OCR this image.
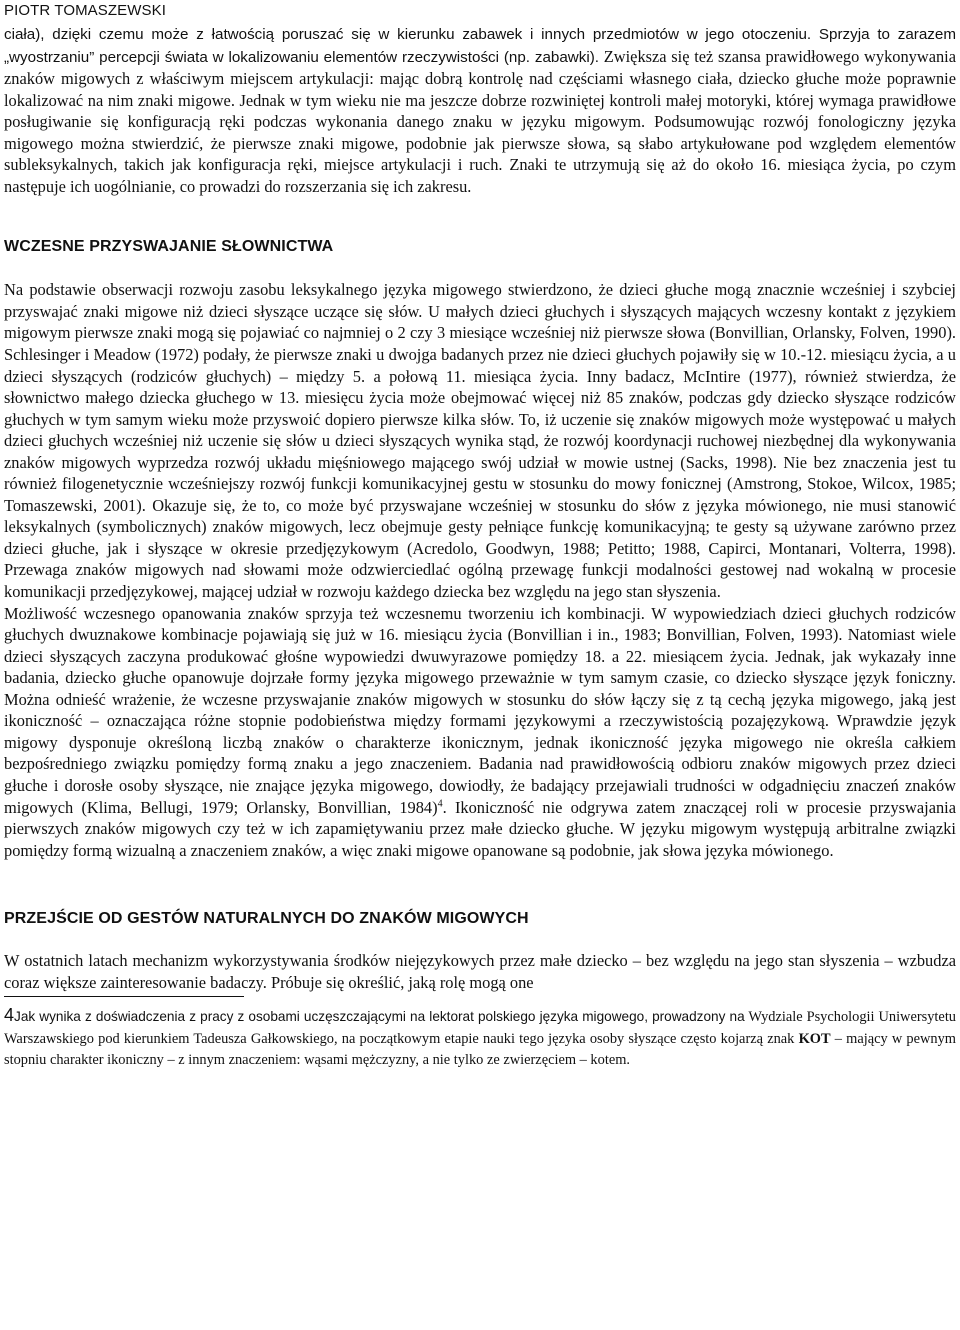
PIOTR TOMASZEWSKI

ciała), dzięki czemu może z łatwością poruszać się w kierunku zabawek i innych przedmiotów w jego otoczeniu. Sprzyja to zarazem „wyostrzaniu” percepcji świata w lokalizowaniu elementów rzeczywistości (np. zabawki). Zwiększa się też szansa prawidłowego wykonywania znaków migowych z właściwym miejscem artykulacji: mając dobrą kontrolę nad częściami własnego ciała, dziecko głuche może poprawnie lokalizować na nim znaki migowe. Jednak w tym wieku nie ma jeszcze dobrze rozwiniętej kontroli małej motoryki, której wymaga prawidłowe posługiwanie się konfiguracją ręki podczas wykonania danego znaku w języku migowym. Podsumowując rozwój fonologiczny języka migowego można stwierdzić, że pierwsze znaki migowe, podobnie jak pierwsze słowa, są słabo artykułowane pod względem elementów subleksykalnych, takich jak konfiguracja ręki, miejsce artykulacji i ruch. Znaki te utrzymują się aż do około 16. miesiąca życia, po czym następuje ich uogólnianie, co prowadzi do rozszerzania się ich zakresu.

WCZESNE PRZYSWAJANIE SŁOWNICTWA

Na podstawie obserwacji rozwoju zasobu leksykalnego języka migowego stwierdzono, że dzieci głuche mogą znacznie wcześniej i szybciej przyswajać znaki migowe niż dzieci słyszące uczące się słów. U małych dzieci głuchych i słyszących mających wczesny kontakt z językiem migowym pierwsze znaki mogą się pojawiać co najmniej o 2 czy 3 miesiące wcześniej niż pierwsze słowa (Bonvillian, Orlansky, Folven, 1990). Schlesinger i Meadow (1972) podały, że pierwsze znaki u dwojga badanych przez nie dzieci głuchych pojawiły się w 10.-12. miesiącu życia, a u dzieci słyszących (rodziców głuchych) – między 5. a połową 11. miesiąca życia. Inny badacz, McIntire (1977), również stwierdza, że słownictwo małego dziecka głuchego w 13. miesięcu życia może obejmować więcej niż 85 znaków, podczas gdy dziecko słyszące rodziców głuchych w tym samym wieku może przyswoić dopiero pierwsze kilka słów. To, iż uczenie się znaków migowych może występować u małych dzieci głuchych wcześniej niż uczenie się słów u dzieci słyszących wynika stąd, że rozwój koordynacji ruchowej niezbędnej dla wykonywania znaków migowych wyprzedza rozwój układu mięśniowego mającego swój udział w mowie ustnej (Sacks, 1998). Nie bez znaczenia jest tu również filogenetycznie wcześniejszy rozwój funkcji komunikacyjnej gestu w stosunku do mowy fonicznej (Amstrong, Stokoe, Wilcox, 1985; Tomaszewski, 2001). Okazuje się, że to, co może być przyswajane wcześniej w stosunku do słów z języka mówionego, nie musi stanowić leksykalnych (symbolicznych) znaków migowych, lecz obejmuje gesty pełniące funkcję komunikacyjną; te gesty są używane zarówno przez dzieci głuche, jak i słyszące w okresie przedjęzykowym (Acredolo, Goodwyn, 1988; Petitto; 1988, Capirci, Montanari, Volterra, 1998). Przewaga znaków migowych nad słowami może odzwierciedlać ogólną przewagę funkcji modalności gestowej nad wokalną w procesie komunikacji przedjęzykowej, mającej udział w rozwoju każdego dziecka bez względu na jego stan słyszenia.

Możliwość wczesnego opanowania znaków sprzyja też wczesnemu tworzeniu ich kombinacji. W wypowiedziach dzieci głuchych rodziców głuchych dwuznakowe kombinacje pojawiają się już w 16. miesiącu życia (Bonvillian i in., 1983; Bonvillian, Folven, 1993). Natomiast wiele dzieci słyszących zaczyna produkować głośne wypowiedzi dwuwyrazowe pomiędzy 18. a 22. miesiącem życia. Jednak, jak wykazały inne badania, dziecko głuche opanowuje dojrzałe formy języka migowego przeważnie w tym samym czasie, co dziecko słyszące język foniczny. Można odnieść wrażenie, że wczesne przyswajanie znaków migowych w stosunku do słów łączy się z tą cechą języka migowego, jaką jest ikoniczność – oznaczająca różne stopnie podobieństwa między formami językowymi a rzeczywistością pozajęzykową. Wprawdzie język migowy dysponuje określoną liczbą znaków o charakterze ikonicznym, jednak ikoniczność języka migowego nie określa całkiem bezpośredniego związku pomiędzy formą znaku a jego znaczeniem. Badania nad prawidłowością odbioru znaków migowych przez dzieci głuche i dorosłe osoby słyszące, nie znające języka migowego, dowiodły, że badający przejawiali trudności w odgadnięciu znaczeń znaków migowych (Klima, Bellugi, 1979; Orlansky, Bonvillian, 1984)$^4$. Ikoniczność nie odgrywa zatem znaczącej roli w procesie przyswajania pierwszych znaków migowych czy też w ich zapamiętywaniu przez małe dziecko głuche. W języku migowym występują arbitralne związki pomiędzy formą wizualną a znaczeniem znaków, a więc znaki migowe opanowane są podobnie, jak słowa języka mówionego.

PRZEJŚCIE OD GESTÓW NATURALNYCH DO ZNAKÓW MIGOWYCH

W ostatnich latach mechanizm wykorzystywania środków niejęzykowych przez małe dziecko – bez względu na jego stan słyszenia – wzbudza coraz większe zainteresowanie badaczy. Próbuje się określić, jaką rolę mogą one

4Jak wynika z doświadczenia z pracy z osobami uczęszczającymi na lektorat polskiego języka migowego, prowadzony na Wydziale Psychologii Uniwersytetu Warszawskiego pod kierunkiem Tadeusza Gałkowskiego, na początkowym etapie nauki tego języka osoby słyszące często kojarzą znak KOT – mający w pewnym stopniu charakter ikoniczny – z innym znaczeniem: wąsami mężczyzny, a nie tylko ze zwierzęciem – kotem.
